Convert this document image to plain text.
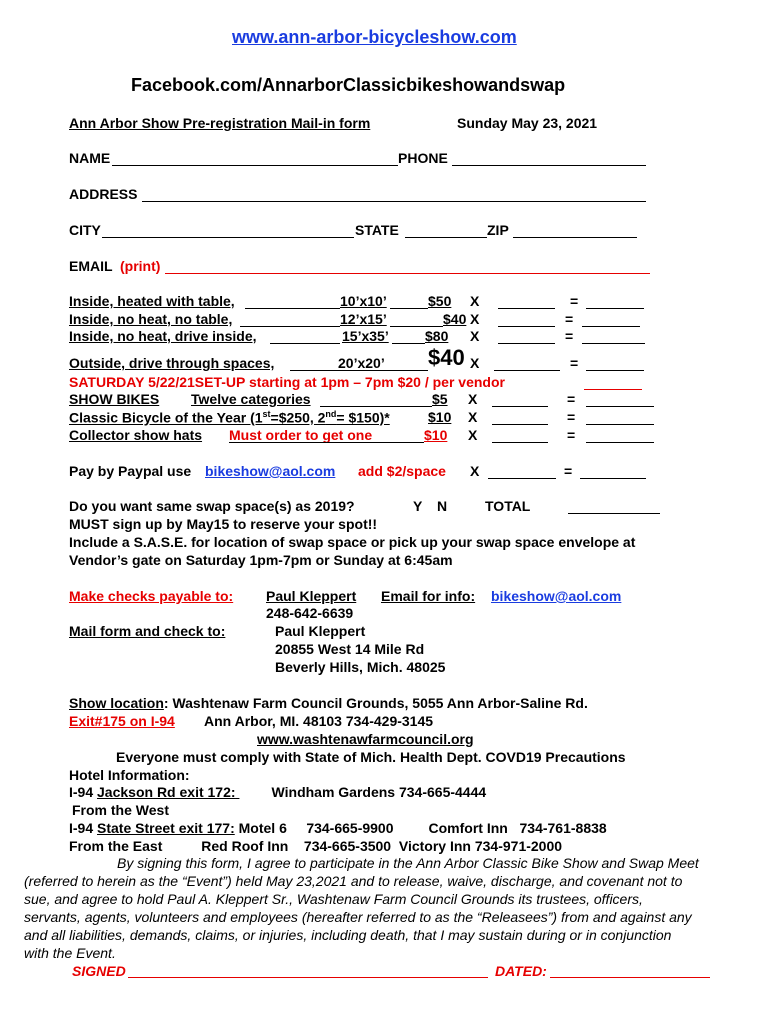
www.ann-arbor-bicycleshow.com
Facebook.com/AnnarborClassicbikeshowandswap
Ann Arbor Show Pre-registration Mail-in form	Sunday May 23, 2021
NAME	PHONE
ADDRESS
CITY	STATE	ZIP
EMAIL (print)
Inside, heated with table,	10’x10’	$50 X	=
Inside, no heat, no table,	12’x15’	$40 X	=
Inside, no heat, drive inside,	15’x35’	$80 X	=
Outside, drive through spaces,	20’x20’ $40 X	=
SATURDAY 5/22/21SET-UP starting at 1pm – 7pm $20 / per vendor
SHOW BIKES Twelve categories	$5 X	=
Classic Bicycle of the Year (1st=$250, 2nd= $150)*	$10 X	=
Collector show hats Must order to get one	$10 X	=
Pay by Paypal use bikeshow@aol.com add $2/space X	=
Do you want same swap space(s) as 2019?	Y N	TOTAL
MUST sign up by May15 to reserve your spot!!
Include a S.A.S.E. for location of swap space or pick up your swap space envelope at
Vendor’s gate on Saturday 1pm-7pm or Sunday at 6:45am
Make checks payable to: Paul Kleppert Email for info: bikeshow@aol.com
248-642-6639
Mail form and check to:	Paul Kleppert
20855 West 14 Mile Rd
Beverly Hills, Mich. 48025
Show location: Washtenaw Farm Council Grounds, 5055 Ann Arbor-Saline Rd.
Exit#175 on I-94 Ann Arbor, MI. 48103 734-429-3145
www.washtenawfarmcouncil.org
Everyone must comply with State of Mich. Health Dept. COVD19 Precautions
Hotel Information:
I-94 Jackson Rd exit 172:	Windham Gardens 734-665-4444
From the West
I-94 State Street exit 177: Motel 6     734-665-9900         Comfort Inn   734-761-8838
From the East          Red Roof Inn    734-665-3500  Victory Inn 734-971-2000
By signing this form, I agree to participate in the Ann Arbor Classic Bike Show and Swap Meet
(referred to herein as the “Event”) held May 23,2021 and to release, waive, discharge, and covenant not to
sue, and agree to hold Paul A. Kleppert Sr., Washtenaw Farm Council Grounds its trustees, officers,
servants, agents, volunteers and employees (hereafter referred to as the “Releasees”) from and against any
and all liabilities, demands, claims, or injuries, including death, that I may sustain during or in conjunction
with the Event.
SIGNED	DATED:
